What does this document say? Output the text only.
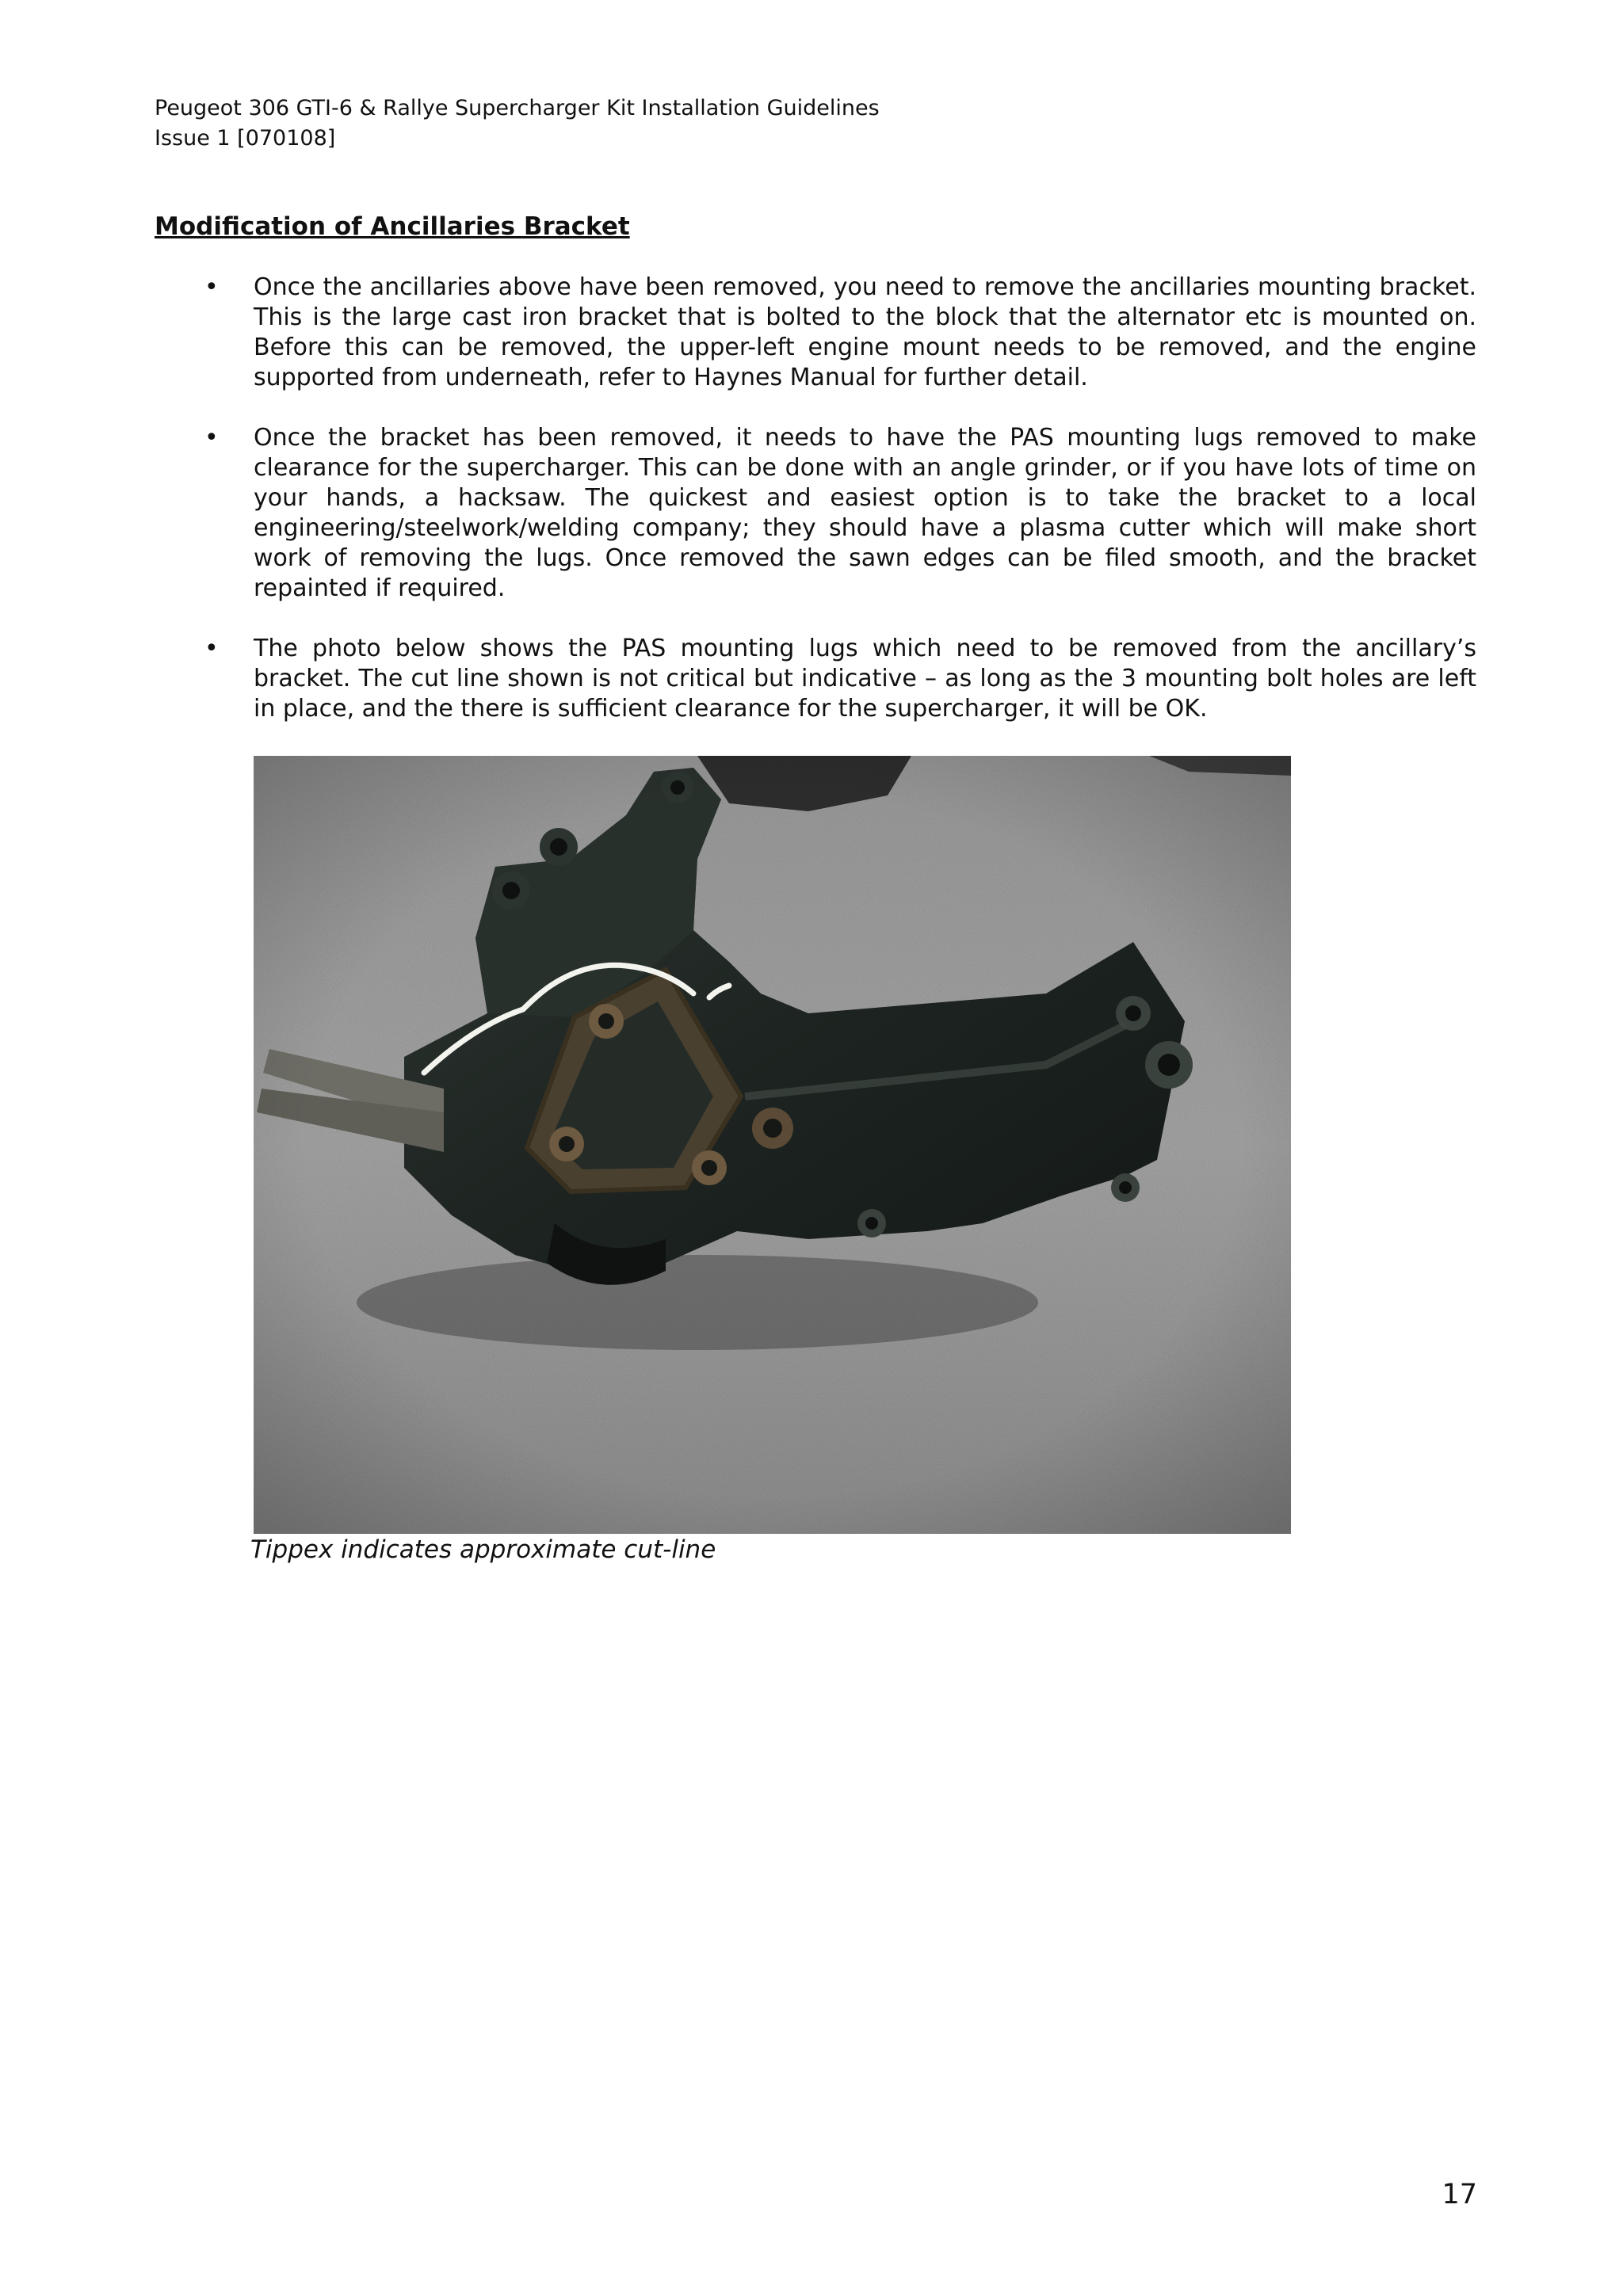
Peugeot 306 GTI-6 & Rallye Supercharger Kit Installation Guidelines
Issue 1 [070108]
Modification of Ancillaries Bracket
• Once the ancillaries above have been removed, you need to remove the ancillaries mounting bracket. This is the large cast iron bracket that is bolted to the block that the alternator etc is mounted on. Before this can be removed, the upper-left engine mount needs to be removed, and the engine supported from underneath, refer to Haynes Manual for further detail.
• Once the bracket has been removed, it needs to have the PAS mounting lugs removed to make clearance for the supercharger. This can be done with an angle grinder, or if you have lots of time on your hands, a hacksaw. The quickest and easiest option is to take the bracket to a local engineering/steelwork/welding company; they should have a plasma cutter which will make short work of removing the lugs. Once removed the sawn edges can be filed smooth, and the bracket repainted if required.
• The photo below shows the PAS mounting lugs which need to be removed from the ancillary’s bracket. The cut line shown is not critical but indicative – as long as the 3 mounting bolt holes are left in place, and the there is sufficient clearance for the supercharger, it will be OK.
Tippex indicates approximate cut-line
17
